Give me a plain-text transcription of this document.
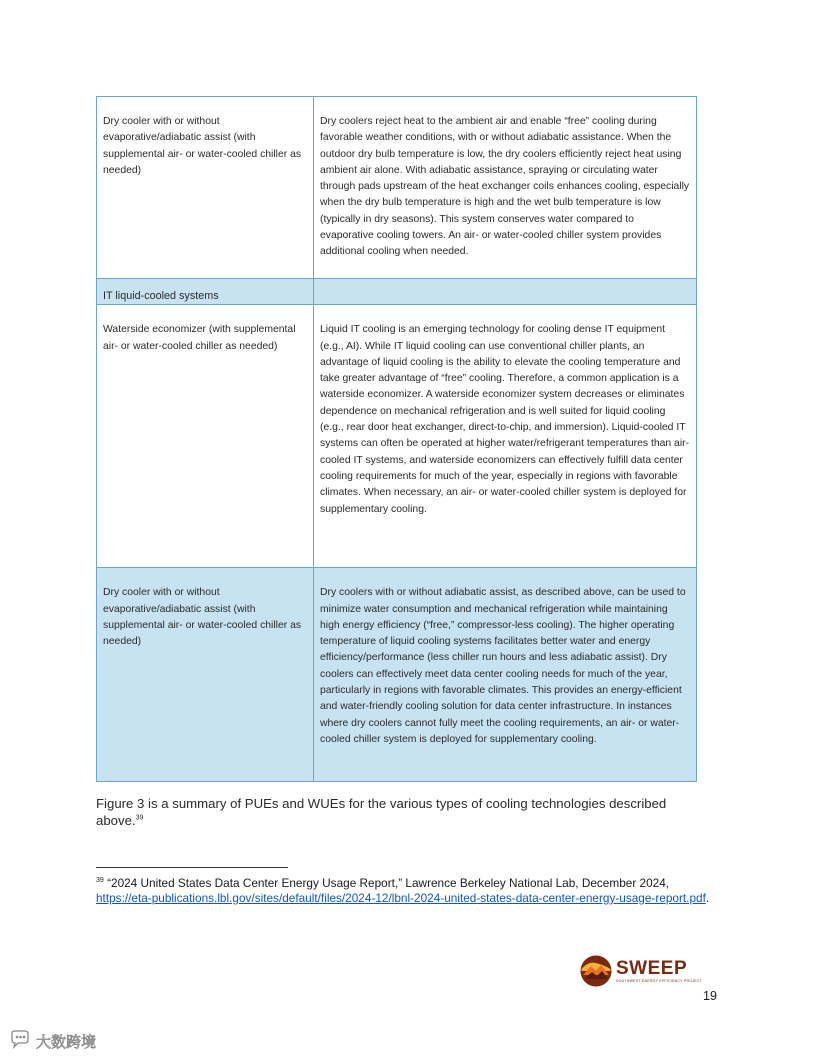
Dry cooler with or without evaporative/adiabatic assist (with supplemental air- or water-cooled chiller as needed)	Dry coolers reject heat to the ambient air and enable “free” cooling during favorable weather conditions, with or without adiabatic assistance. When the outdoor dry bulb temperature is low, the dry coolers efficiently reject heat using ambient air alone. With adiabatic assistance, spraying or circulating water through pads upstream of the heat exchanger coils enhances cooling, especially when the dry bulb temperature is high and the wet bulb temperature is low (typically in dry seasons). This system conserves water compared to evaporative cooling towers. An air- or water-cooled chiller system provides additional cooling when needed.
IT liquid-cooled systems	
Waterside economizer (with supplemental air- or water-cooled chiller as needed)	Liquid IT cooling is an emerging technology for cooling dense IT equipment (e.g., AI). While IT liquid cooling can use conventional chiller plants, an advantage of liquid cooling is the ability to elevate the cooling temperature and take greater advantage of “free” cooling. Therefore, a common application is a waterside economizer. A waterside economizer system decreases or eliminates dependence on mechanical refrigeration and is well suited for liquid cooling (e.g., rear door heat exchanger, direct-to-chip, and immersion). Liquid-cooled IT systems can often be operated at higher water/refrigerant temperatures than air-cooled IT systems, and waterside economizers can effectively fulfill data center cooling requirements for much of the year, especially in regions with favorable climates. When necessary, an air- or water-cooled chiller system is deployed for supplementary cooling.
Dry cooler with or without evaporative/adiabatic assist (with supplemental air- or water-cooled chiller as needed)	Dry coolers with or without adiabatic assist, as described above, can be used to minimize water consumption and mechanical refrigeration while maintaining high energy efficiency (“free,” compressor-less cooling). The higher operating temperature of liquid cooling systems facilitates better water and energy efficiency/performance (less chiller run hours and less adiabatic assist). Dry coolers can effectively meet data center cooling needs for much of the year, particularly in regions with favorable climates. This provides an energy-efficient and water-friendly cooling solution for data center infrastructure. In instances where dry coolers cannot fully meet the cooling requirements, an air- or water-cooled chiller system is deployed for supplementary cooling.

Figure 3 is a summary of PUEs and WUEs for the various types of cooling technologies described above.$^{39}$

$^{39}$ “2024 United States Data Center Energy Usage Report,” Lawrence Berkeley National Lab, December 2024,
https://eta-publications.lbl.gov/sites/default/files/2024-12/lbnl-2024-united-states-data-center-energy-usage-report.pdf.
SWEEP
SOUTHWEST ENERGY EFFICIENCY PROJECT
19
大数跨境
